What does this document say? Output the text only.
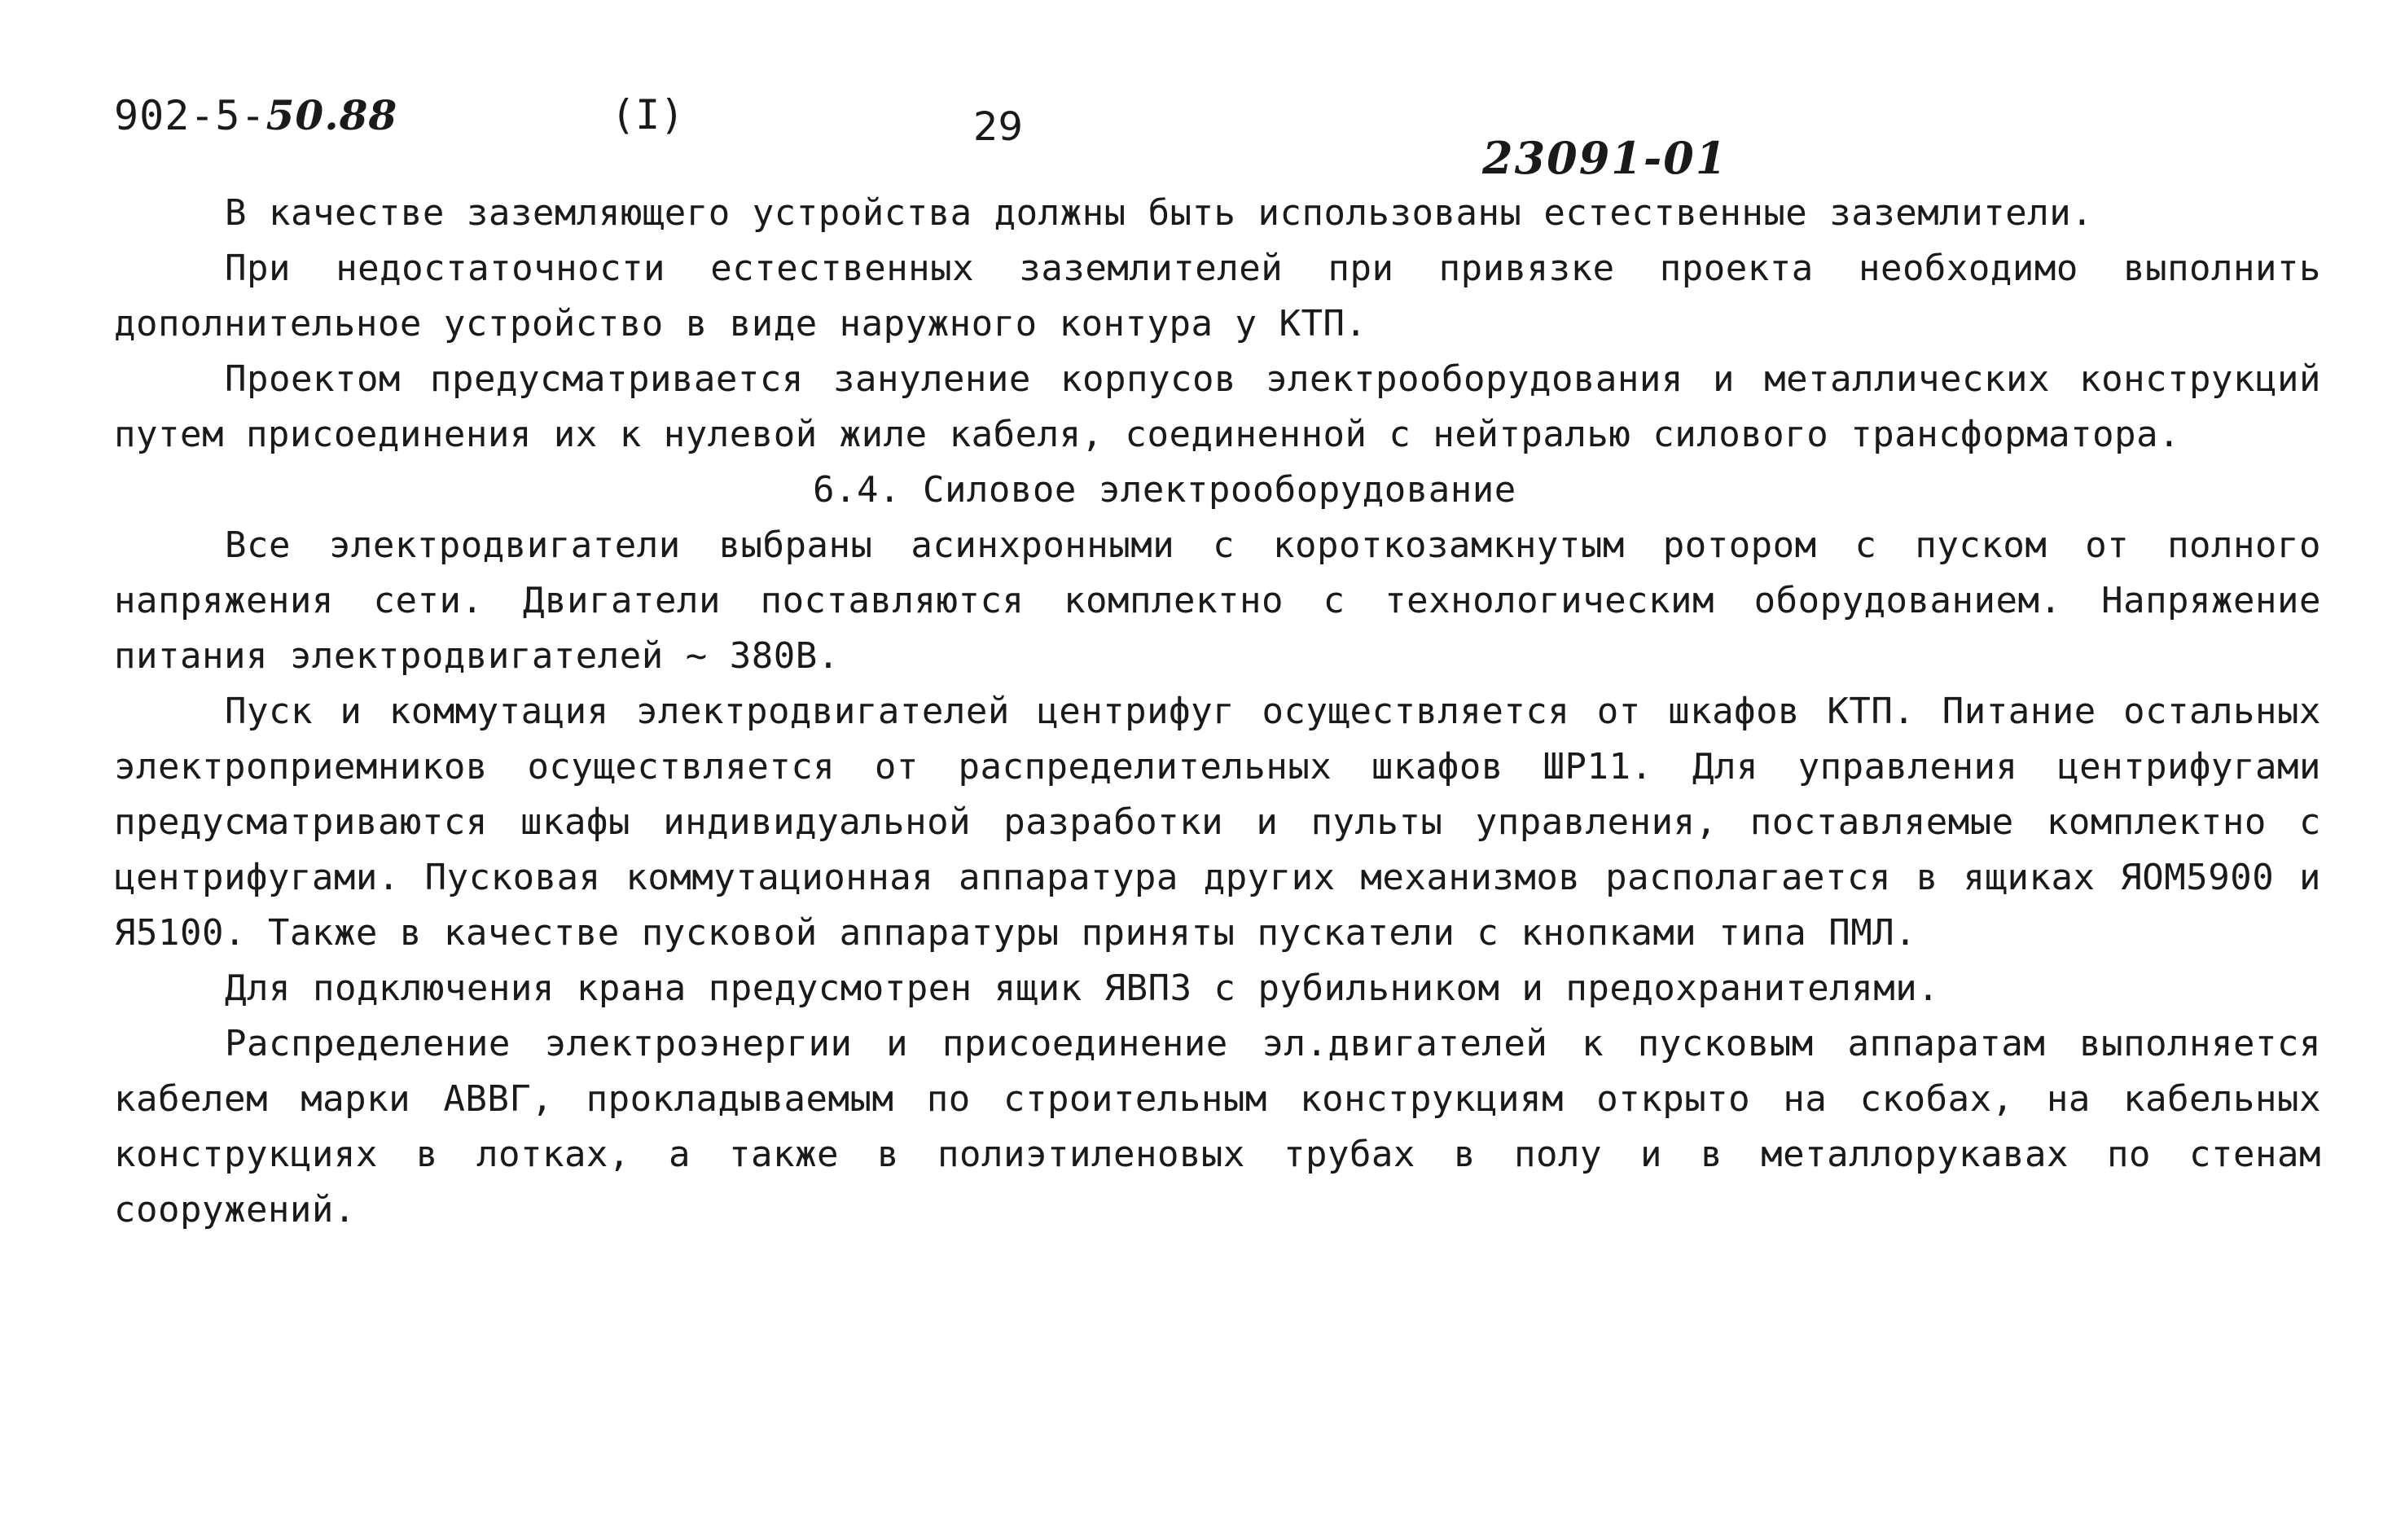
902-5-50.88	(I)	29
23091-01

В качестве заземляющего устройства должны быть использованы естественные заземлители.

При недостаточности естественных заземлителей при привязке проекта необходимо выполнить дополнительное устройство в виде наружного контура у КТП.

Проектом предусматривается зануление корпусов электрооборудования и металлических конструкций путем присоединения их к нулевой жиле кабеля, соединенной с нейтралью силового трансформатора.

6.4. Силовое электрооборудование

Все электродвигатели выбраны асинхронными с короткозамкнутым ротором с пуском от полного напряжения сети. Двигатели поставляются комплектно с технологическим оборудованием. Напряжение питания электродвигателей ~ 380В.

Пуск и коммутация электродвигателей центрифуг осуществляется от шкафов КТП. Питание остальных электроприемников осуществляется от распределительных шкафов ШР11. Для управления центрифугами предусматриваются шкафы индивидуальной разработки и пульты управления, поставляемые комплектно с центрифугами. Пусковая коммутационная аппаратура других механизмов располагается в ящиках ЯОМ5900 и Я5100. Также в качестве пусковой аппаратуры приняты пускатели с кнопками типа ПМЛ.

Для подключения крана предусмотрен ящик ЯВП3 с рубильником и предохранителями.

Распределение электроэнергии и присоединение эл.двигателей к пусковым аппаратам выполняется кабелем марки АВВГ, прокладываемым по строительным конструкциям открыто на скобах, на кабельных конструкциях в лотках, а также в полиэтиленовых трубах в полу и в металлорукавах по стенам сооружений.
